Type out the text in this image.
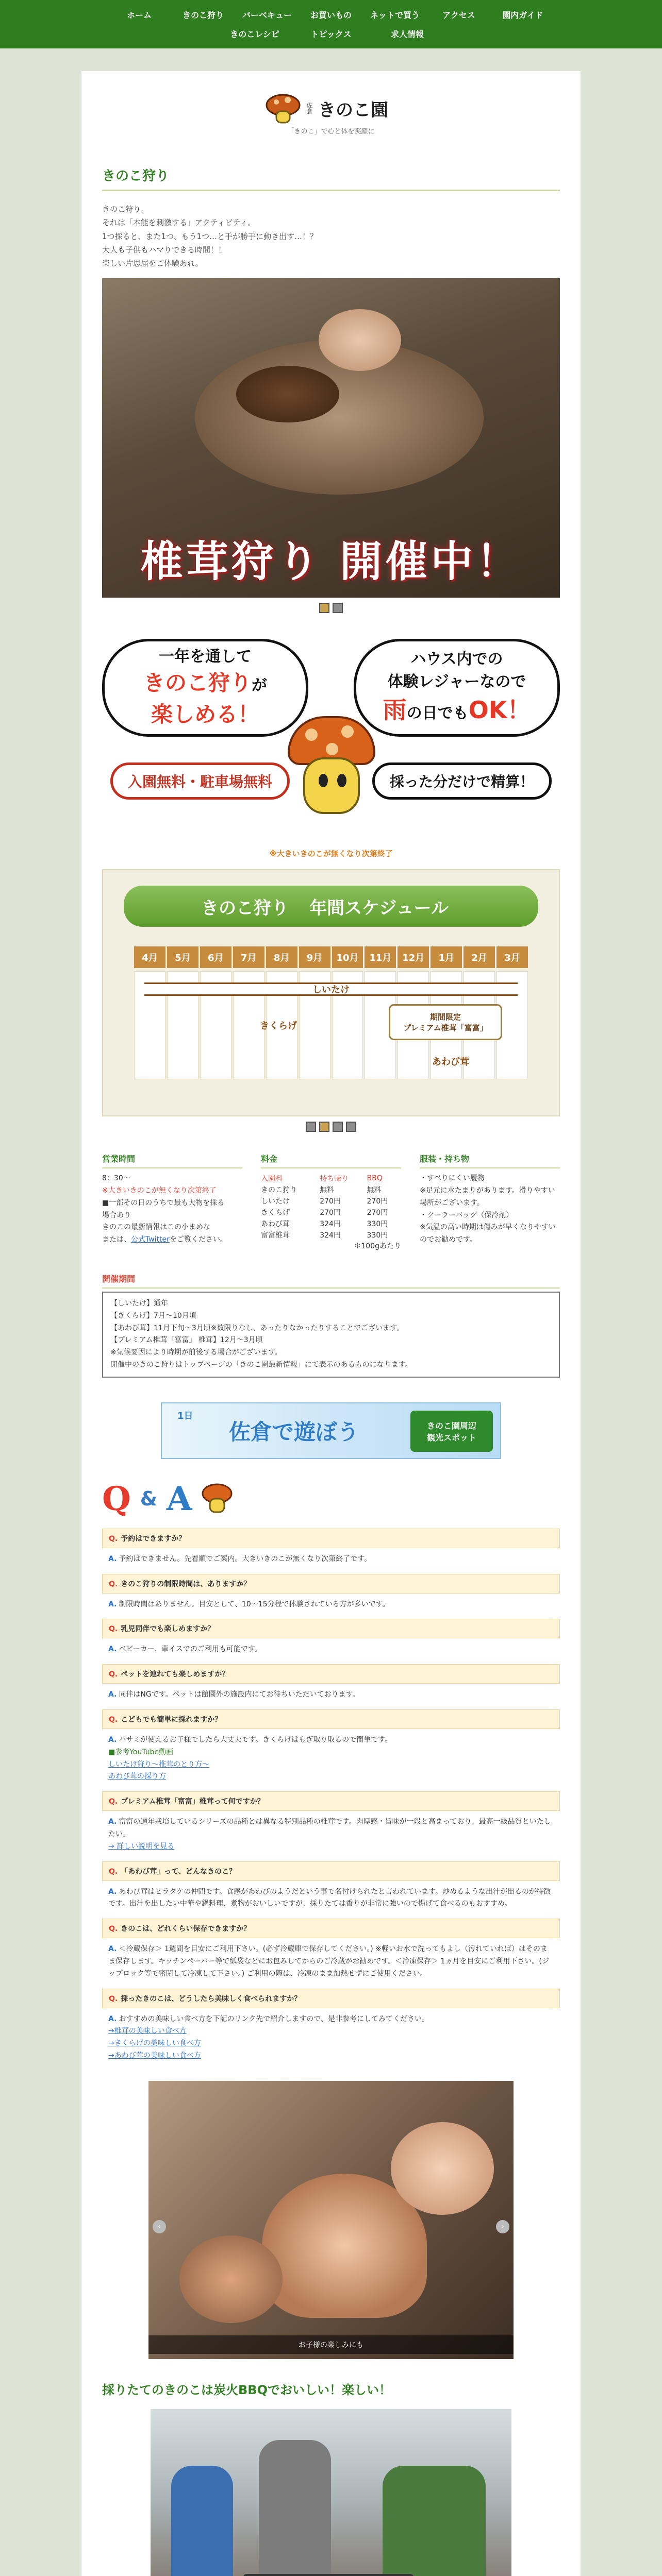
ホーム	きのこ狩り	バーベキュー	お買いもの	ネットで買う	アクセス	園内ガイド
きのこレシピ	トピックス	求人情報
佐倉 きのこ園
「きのこ」で心と体を笑顔に
きのこ狩り

きのこ狩り。

それは「本能を刺激する」アクティビティ。

1つ採ると、また1つ、もう1つ…と手が勝手に動き出す…！？

大人も子供もハマりできる時間！！

楽しい片思届をご体験あれ。

椎茸狩り 開催中！
一年を通して
きのこ狩りが
楽しめる！
ハウス内での
体験レジャーなので
雨の日でもOK！
入園無料・駐車場無料	採った分だけで精算！
※大きいきのこが無くなり次第終了
きのこ狩り 年間スケジュール
4月	5月	6月	7月	8月	9月	10月	11月	12月	1月	2月	3月
しいたけ
きくらげ
あわび茸
期間限定
プレミアム椎茸「富富」
営業時間

8：30〜

※大きいきのこが無くなり次第終了

■一部その日のうちで最も大物を採る

場合あり

きのこの最新情報はこの小まめな

または、公式Twitterをご覧ください。

料金
入園料	持ち帰り	BBQ
きのこ狩り	無料	無料
しいたけ	270円	270円
きくらげ	270円	270円
あわび茸	324円	330円
富富椎茸	324円	330円

＊100gあたり

服装・持ち物

・すべりにくい履物

※足元に水たまりがあります。滑りやすい場所がございます。

・クーラーバッグ（保冷剤）

※気温の高い時期は傷みが早くなりやすいのでお勧めです。

開催期間

【しいたけ】通年

【きくらげ】7月〜10月頃

【あわび茸】11月下旬〜3月頃※数限りなし、あったりなかったりすることでございます。

【プレミアム椎茸「富富」 椎茸】12月〜3月頃

※気候要因により時期が前後する場合がございます。

開催中のきのこ狩りはトップページの「きのこ園最新情報」にて表示のあるものになります。

1日
佐倉で遊ぼう	きのこ園周辺
観光スポット
Q & A
Q. 予約はできますか？
A. 予約はできません。先着順でご案内。大きいきのこが無くなり次第終了です。
Q. きのこ狩りの制限時間は、ありますか？
A. 制限時間はありません。目安として、10〜15分程で体験されている方が多いです。
Q. 乳児同伴でも楽しめますか？
A. ベビーカー、車イスでのご利用も可能です。
Q. ペットを連れても楽しめますか？
A. 同伴はNGです。ペットは館園外の施設内にてお待ちいただいております。
Q. こどもでも簡単に採れますか？
A. ハサミが使えるお子様でしたら大丈夫です。きくらげはもぎ取り取るので簡単です。
■参考YouTube動画
しいたけ狩り〜椎茸のとり方〜
あわび茸の採り方
Q. プレミアム椎茸「富富」椎茸って何ですか？
A. 富富の通年栽培しているシリーズの品種とは異なる特別品種の椎茸です。肉厚感・旨味が一段と高まっており、最高一級品質といたしたい。
→ 詳しい説明を見る
Q. 「あわび茸」って、どんなきのこ？
A. あわび茸はヒラタケの仲間です。食感があわびのようだという事で名付けられたと言われています。炒めるような出汁が出るのが特徴です。出汁を出したい中華や鍋料理、煮物がおいしいですが、採りたては香りが非常に強いので揚げて食べるのもおすすめ。
Q. きのこは、どれくらい保存できますか？
A. ＜冷蔵保存＞ 1週間を目安にご利用下さい。(必ず冷蔵庫で保存してください。) ※軽いお水で洗ってもよし（汚れていれば）はそのまま保存します。キッチンペーパー等で紙袋などにお包みしてからのご冷蔵がお勧めです。＜冷凍保存＞ 1ヵ月を目安にご利用下さい。(ジップロック等で密閉して冷凍して下さい。) ご利用の際は、冷凍のまま加熱せずにご使用ください。
Q. 採ったきのこは、どうしたら美味しく食べられますか？
A. おすすめの美味しい食べ方を下記のリンク先で紹介しますので、是非参考にしてみてください。
→椎茸の美味しい食べ方
→きくらげの美味しい食べ方
→あわび茸の美味しい食べ方
‹	›
お子様の楽しみにも
採りたてのきのこは炭火BBQでおいしい！楽しい！
